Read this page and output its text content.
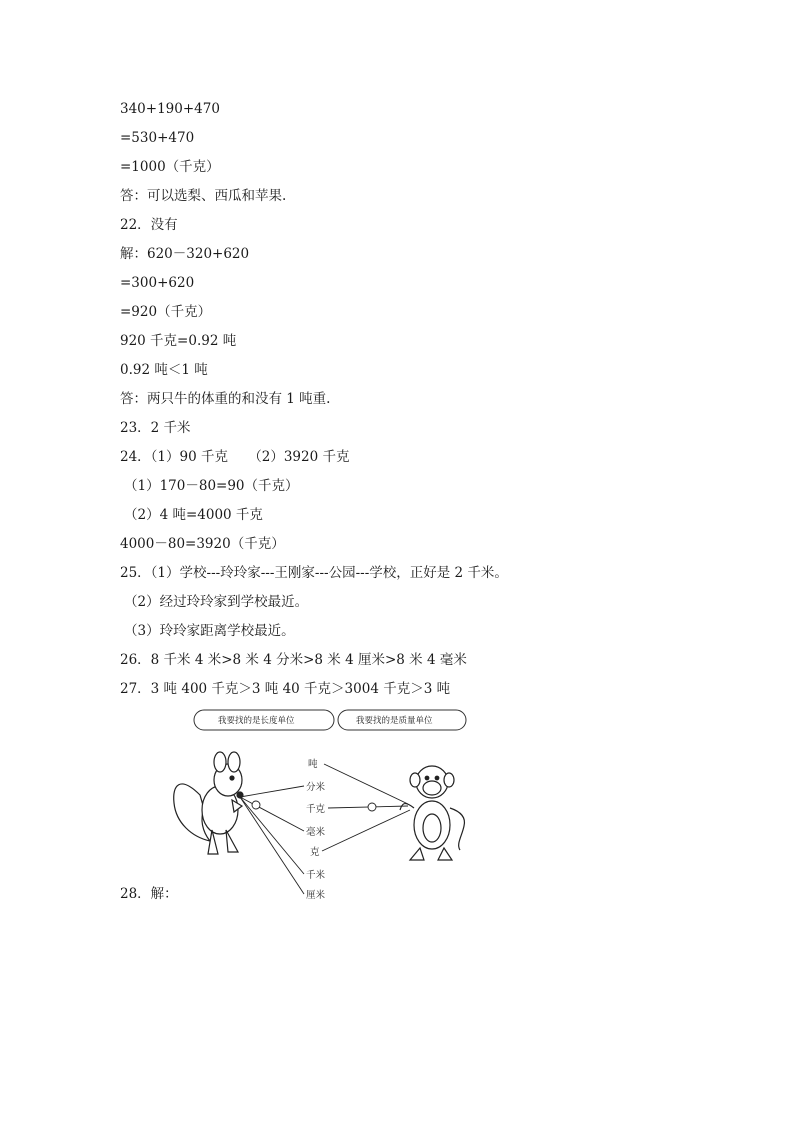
340+190+470
=530+470
=1000（千克）
答：可以选梨、西瓜和苹果.
22．没有
解：620－320+620
=300+620
=920（千克）
920 千克=0.92 吨
0.92 吨＜1 吨
答：两只牛的体重的和没有 1 吨重.
23．2 千米
24．（1）90 千克　　（2）3920 千克
（1）170－80=90（千克）
（2）4 吨=4000 千克
4000－80=3920（千克）
25．（1）学校---玲玲家---王刚家---公园---学校，正好是 2 千米。
（2）经过玲玲家到学校最近。
（3）玲玲家距离学校最近。
26．8 千米 4 米>8 米 4 分米>8 米 4 厘米>8 米 4 毫米
27．3 吨 400 千克＞3 吨 40 千克＞3004 千克＞3 吨
我要找的是长度单位	我要找的是质量单位
吨
分米
千克
毫米
克
千米
厘米
28．解：
